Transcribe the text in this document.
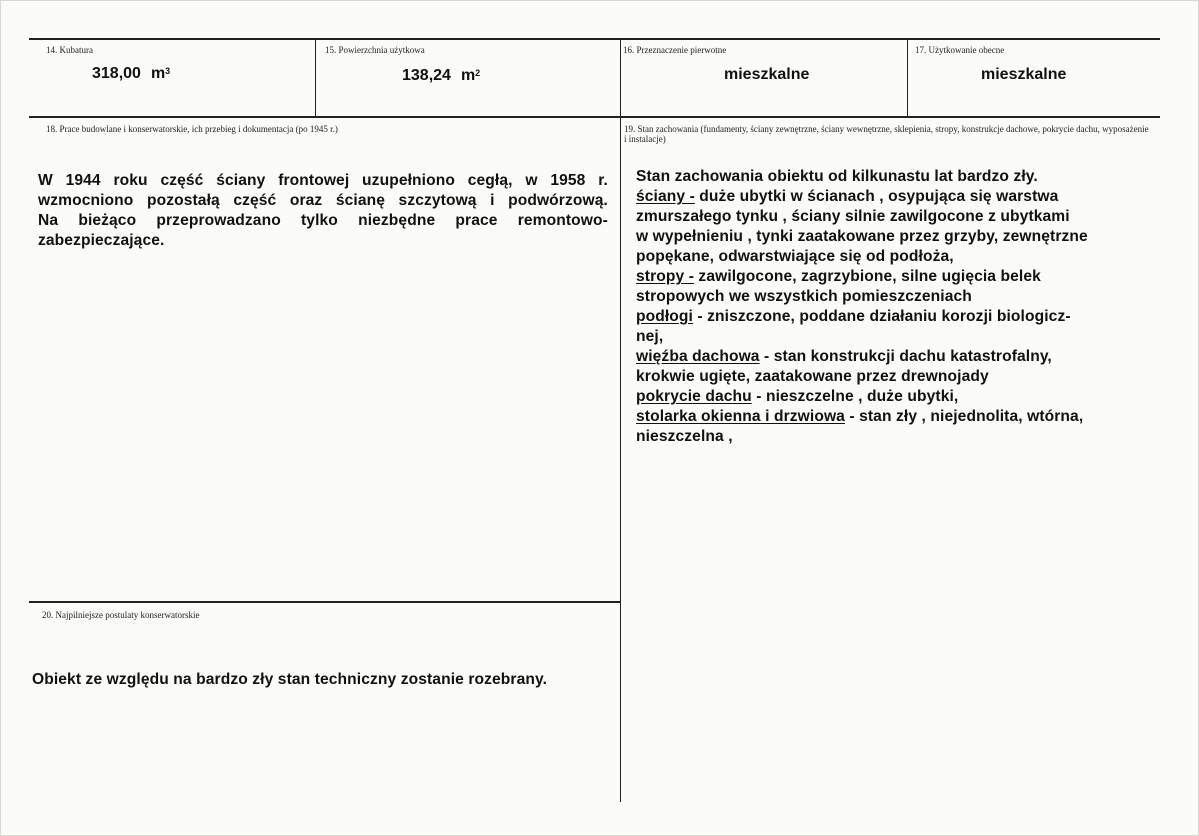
14. Kubatura
318,00 $m^3$
15. Powierzchnia użytkowa
138,24 $m^2$
16. Przeznaczenie pierwotne
mieszkalne
17. Użytkowanie obecne
mieszkalne
18. Prace budowlane i konserwatorskie, ich przebieg i dokumentacja (po 1945 r.)
W 1944 roku część ściany frontowej uzupełniono cegłą, w 1958 r.
wzmocniono pozostałą część oraz ścianę szczytową i podwórzową.
Na bieżąco przeprowadzano tylko niezbędne prace remontowo-
zabezpieczające.
19. Stan zachowania (fundamenty, ściany zewnętrzne, ściany wewnętrzne, sklepienia, stropy, konstrukcje dachowe, pokrycie dachu, wyposażenie i instalacje)
Stan zachowania obiektu od kilkunastu lat bardzo zły.
ściany - duże ubytki w ścianach , osypująca się warstwa
zmurszałego tynku , ściany silnie zawilgocone z ubytkami
w wypełnieniu , tynki zaatakowane przez grzyby, zewnętrzne
popękane, odwarstwiające się od podłoża,
stropy - zawilgocone, zagrzybione, silne ugięcia belek
stropowych we wszystkich pomieszczeniach
podłogi - zniszczone, poddane działaniu korozji biologicz-
nej,
więźba dachowa - stan konstrukcji dachu katastrofalny,
krokwie ugięte, zaatakowane przez drewnojady
pokrycie dachu - nieszczelne , duże ubytki,
stolarka okienna i drzwiowa - stan zły , niejednolita, wtórna,
nieszczelna ,
20. Najpilniejsze postulaty konserwatorskie
Obiekt ze względu na bardzo zły stan techniczny zostanie rozebrany.
